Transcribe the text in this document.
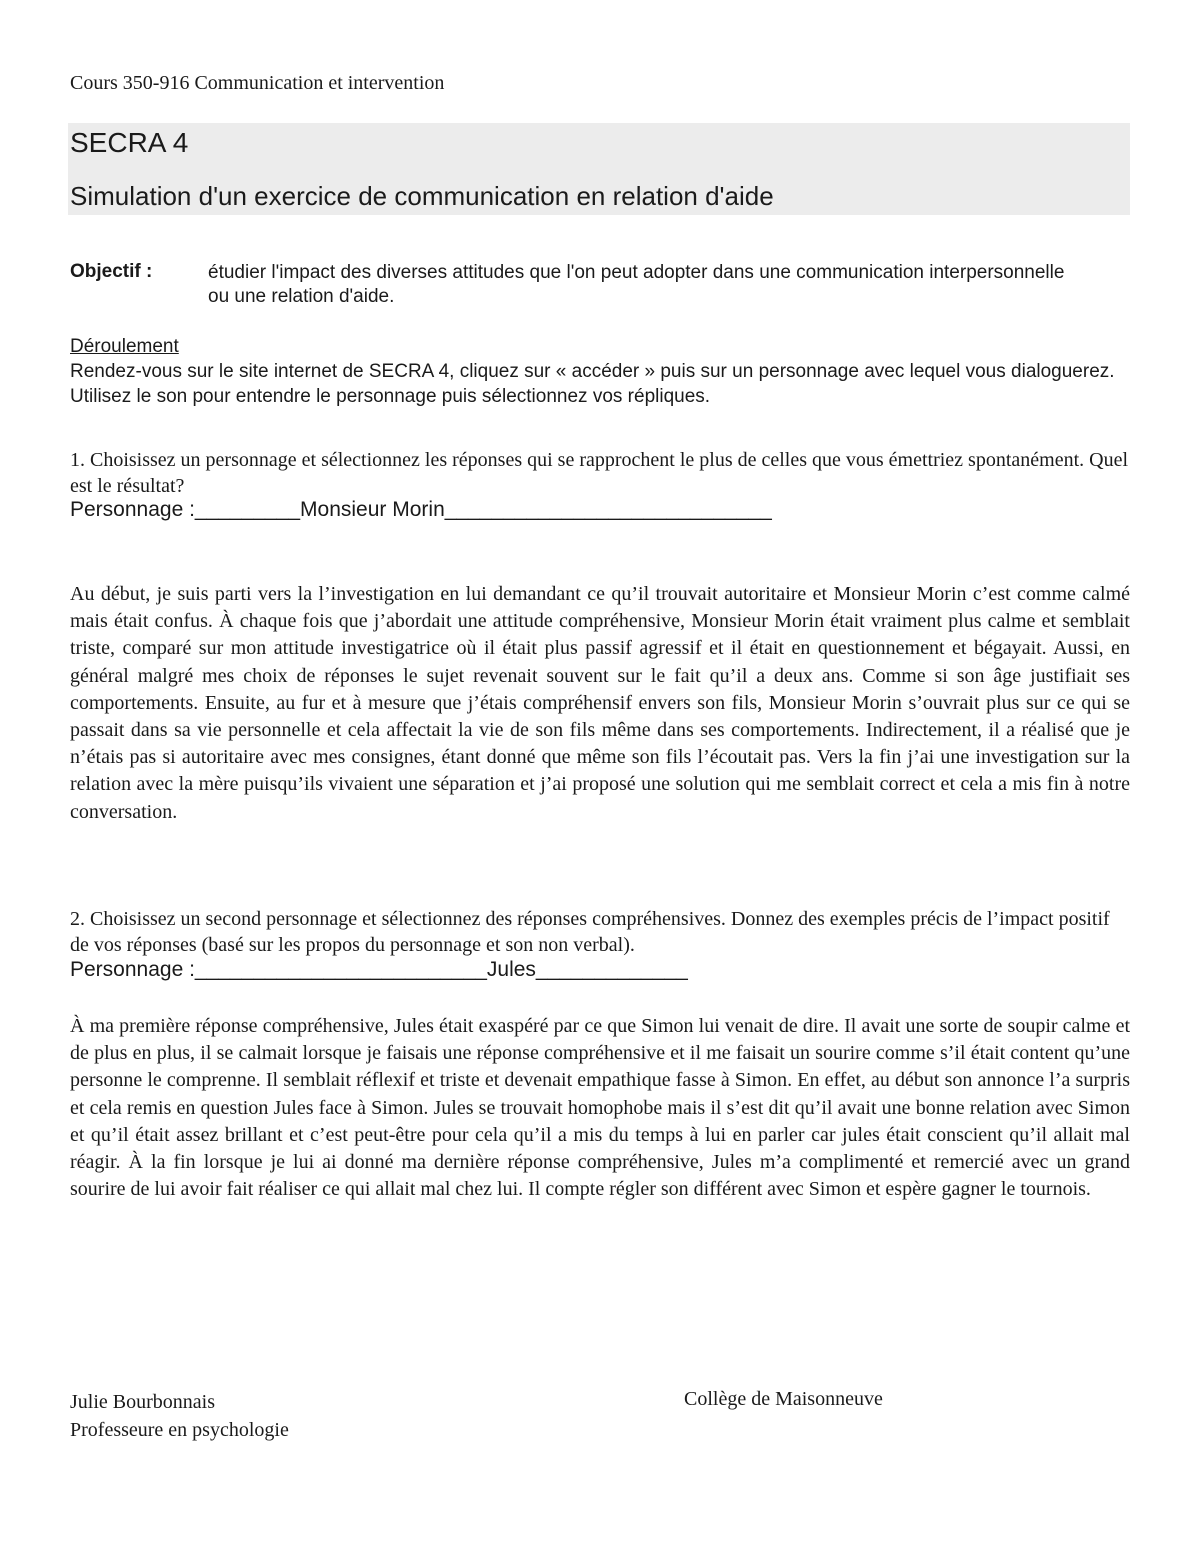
Cours 350-916 Communication et intervention
SECRA 4
Simulation d'un exercice de communication en relation d'aide
Objectif :	étudier l'impact des diverses attitudes que l'on peut adopter dans une communication interpersonnelle ou une relation d'aide.
Déroulement
Rendez-vous sur le site internet de SECRA 4, cliquez sur « accéder » puis sur un personnage avec lequel vous dialoguerez. Utilisez le son pour entendre le personnage puis sélectionnez vos répliques.
1. Choisissez un personnage et sélectionnez les réponses qui se rapprochent le plus de celles que vous émettriez spontanément. Quel est le résultat?
Personnage :_________Monsieur Morin____________________________
Au début, je suis parti vers la l’investigation en lui demandant ce qu’il trouvait autoritaire et Monsieur Morin c’est comme calmé mais était confus. À chaque fois que j’abordait une attitude compréhensive, Monsieur Morin était vraiment plus calme et semblait triste, comparé sur mon attitude investigatrice où il était plus passif agressif et il était en questionnement et bégayait. Aussi, en général malgré mes choix de réponses le sujet revenait souvent sur le fait qu’il a deux ans. Comme si son âge justifiait ses comportements. Ensuite, au fur et à mesure que j’étais compréhensif envers son fils, Monsieur Morin s’ouvrait plus sur ce qui se passait dans sa vie personnelle et cela affectait la vie de son fils même dans ses comportements. Indirectement, il a réalisé que je n’étais pas si autoritaire avec mes consignes, étant donné que même son fils l’écoutait pas. Vers la fin j’ai une investigation sur la relation avec la mère puisqu’ils vivaient une séparation et j’ai proposé une solution qui me semblait correct et cela a mis fin à notre conversation.
2. Choisissez un second personnage et sélectionnez des réponses compréhensives. Donnez des exemples précis de l’impact positif de vos réponses (basé sur les propos du personnage et son non verbal).
Personnage :_________________________Jules_____________
À ma première réponse compréhensive, Jules était exaspéré par ce que Simon lui venait de dire. Il avait une sorte de soupir calme et de plus en plus, il se calmait lorsque je faisais une réponse compréhensive et il me faisait un sourire comme s’il était content qu’une personne le comprenne. Il semblait réflexif et triste et devenait empathique fasse à Simon. En effet, au début son annonce l’a surpris et cela remis en question Jules face à Simon. Jules se trouvait homophobe mais il s’est dit qu’il avait une bonne relation avec Simon et qu’il était assez brillant et c’est peut-être pour cela qu’il a mis du temps à lui en parler car jules était conscient qu’il allait mal réagir. À la fin lorsque je lui ai donné ma dernière réponse compréhensive, Jules m’a complimenté et remercié avec un grand sourire de lui avoir fait réaliser ce qui allait mal chez lui. Il compte régler son différent avec Simon et espère gagner le tournois.
Julie Bourbonnais
Professeure en psychologie
Collège de Maisonneuve
